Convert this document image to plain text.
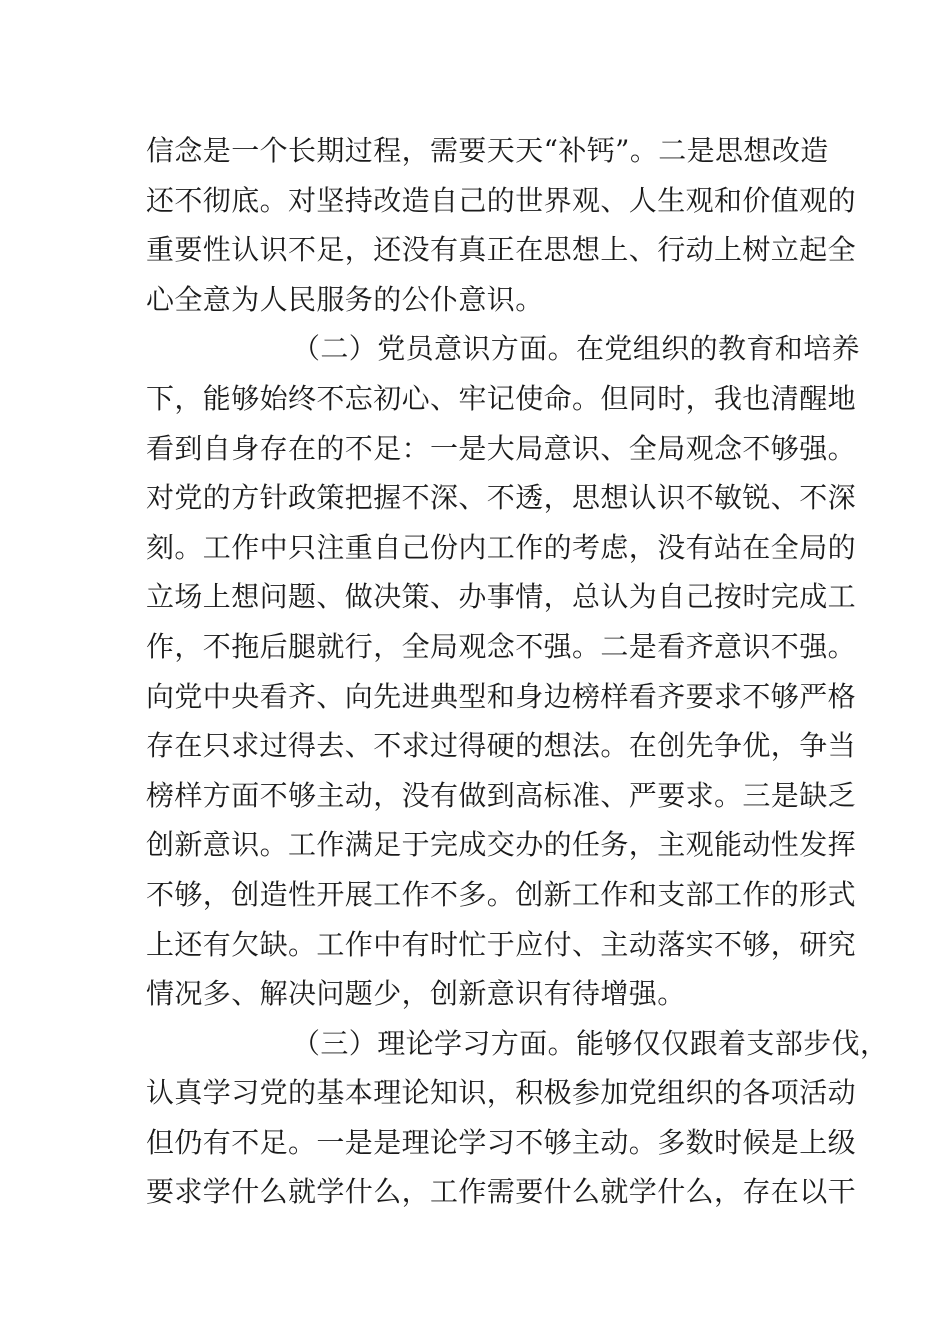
信念是一个长期过程，需要天天“补钙”。二是思想改造
还不彻底。对坚持改造自己的世界观、人生观和价值观的
重要性认识不足，还没有真正在思想上、行动上树立起全
心全意为人民服务的公仆意识。
（二）党员意识方面。在党组织的教育和培养
下，能够始终不忘初心、牢记使命。但同时，我也清醒地
看到自身存在的不足：一是大局意识、全局观念不够强。
对党的方针政策把握不深、不透，思想认识不敏锐、不深
刻。工作中只注重自己份内工作的考虑，没有站在全局的
立场上想问题、做决策、办事情，总认为自己按时完成工
作，不拖后腿就行，全局观念不强。二是看齐意识不强。
向党中央看齐、向先进典型和身边榜样看齐要求不够严格
存在只求过得去、不求过得硬的想法。在创先争优，争当
榜样方面不够主动，没有做到高标准、严要求。三是缺乏
创新意识。工作满足于完成交办的任务，主观能动性发挥
不够，创造性开展工作不多。创新工作和支部工作的形式
上还有欠缺。工作中有时忙于应付、主动落实不够，研究
情况多、解决问题少，创新意识有待增强。
（三）理论学习方面。能够仅仅跟着支部步伐，
认真学习党的基本理论知识，积极参加党组织的各项活动
但仍有不足。一是是理论学习不够主动。多数时候是上级
要求学什么就学什么，工作需要什么就学什么，存在以干
